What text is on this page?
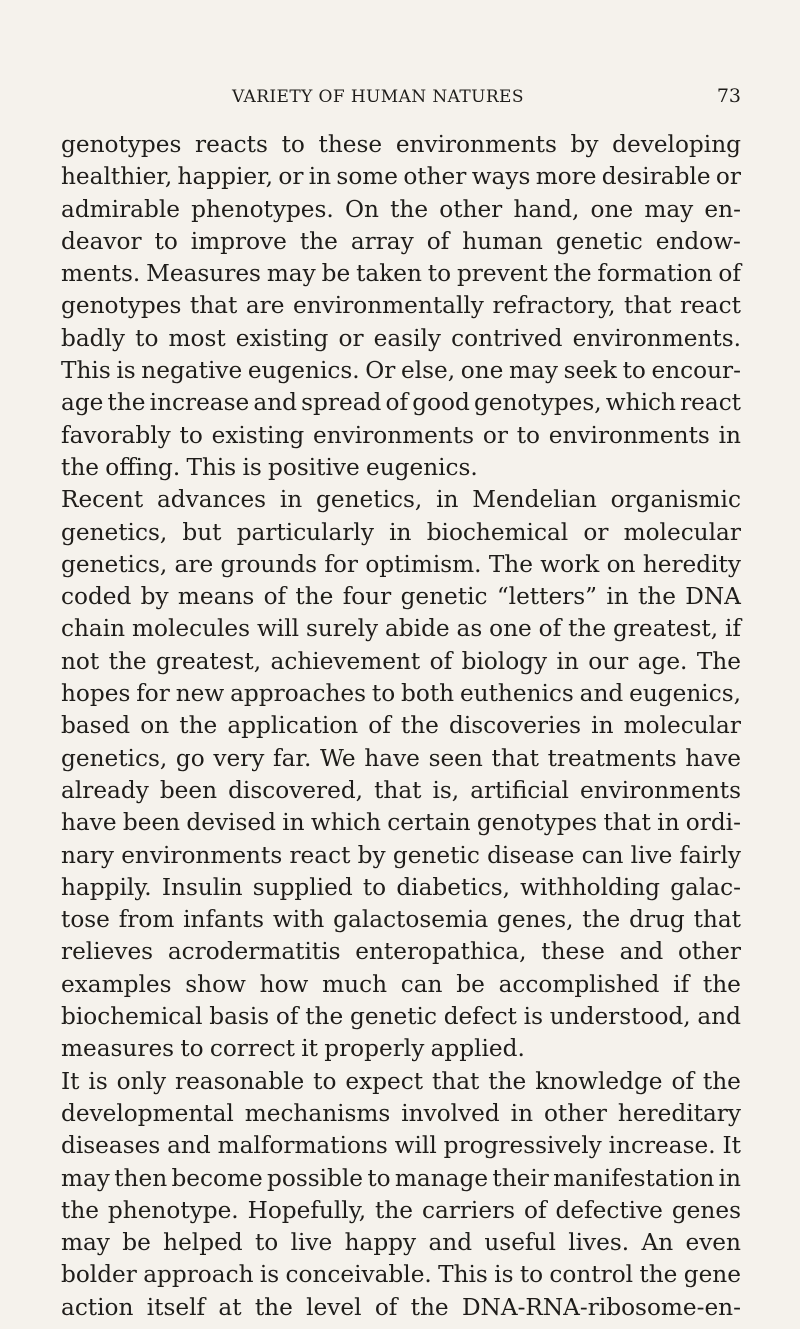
VARIETY OF HUMAN NATURES	73
genotypes reacts to these environments by developing
healthier, happier, or in some other ways more desirable or
admirable phenotypes. On the other hand, one may en-
deavor to improve the array of human genetic endow-
ments. Measures may be taken to prevent the formation of
genotypes that are environmentally refractory, that react
badly to most existing or easily contrived environments.
This is negative eugenics. Or else, one may seek to encour-
age the increase and spread of good genotypes, which react
favorably to existing environments or to environments in
the offing. This is positive eugenics.
Recent advances in genetics, in Mendelian organismic
genetics, but particularly in biochemical or molecular
genetics, are grounds for optimism. The work on heredity
coded by means of the four genetic “letters” in the DNA
chain molecules will surely abide as one of the greatest, if
not the greatest, achievement of biology in our age. The
hopes for new approaches to both euthenics and eugenics,
based on the application of the discoveries in molecular
genetics, go very far. We have seen that treatments have
already been discovered, that is, artificial environments
have been devised in which certain genotypes that in ordi-
nary environments react by genetic disease can live fairly
happily. Insulin supplied to diabetics, withholding galac-
tose from infants with galactosemia genes, the drug that
relieves acrodermatitis enteropathica, these and other
examples show how much can be accomplished if the
biochemical basis of the genetic defect is understood, and
measures to correct it properly applied.
It is only reasonable to expect that the knowledge of the
developmental mechanisms involved in other hereditary
diseases and malformations will progressively increase. It
may then become possible to manage their manifestation in
the phenotype. Hopefully, the carriers of defective genes
may be helped to live happy and useful lives. An even
bolder approach is conceivable. This is to control the gene
action itself at the level of the DNA-RNA-ribosome-en-
